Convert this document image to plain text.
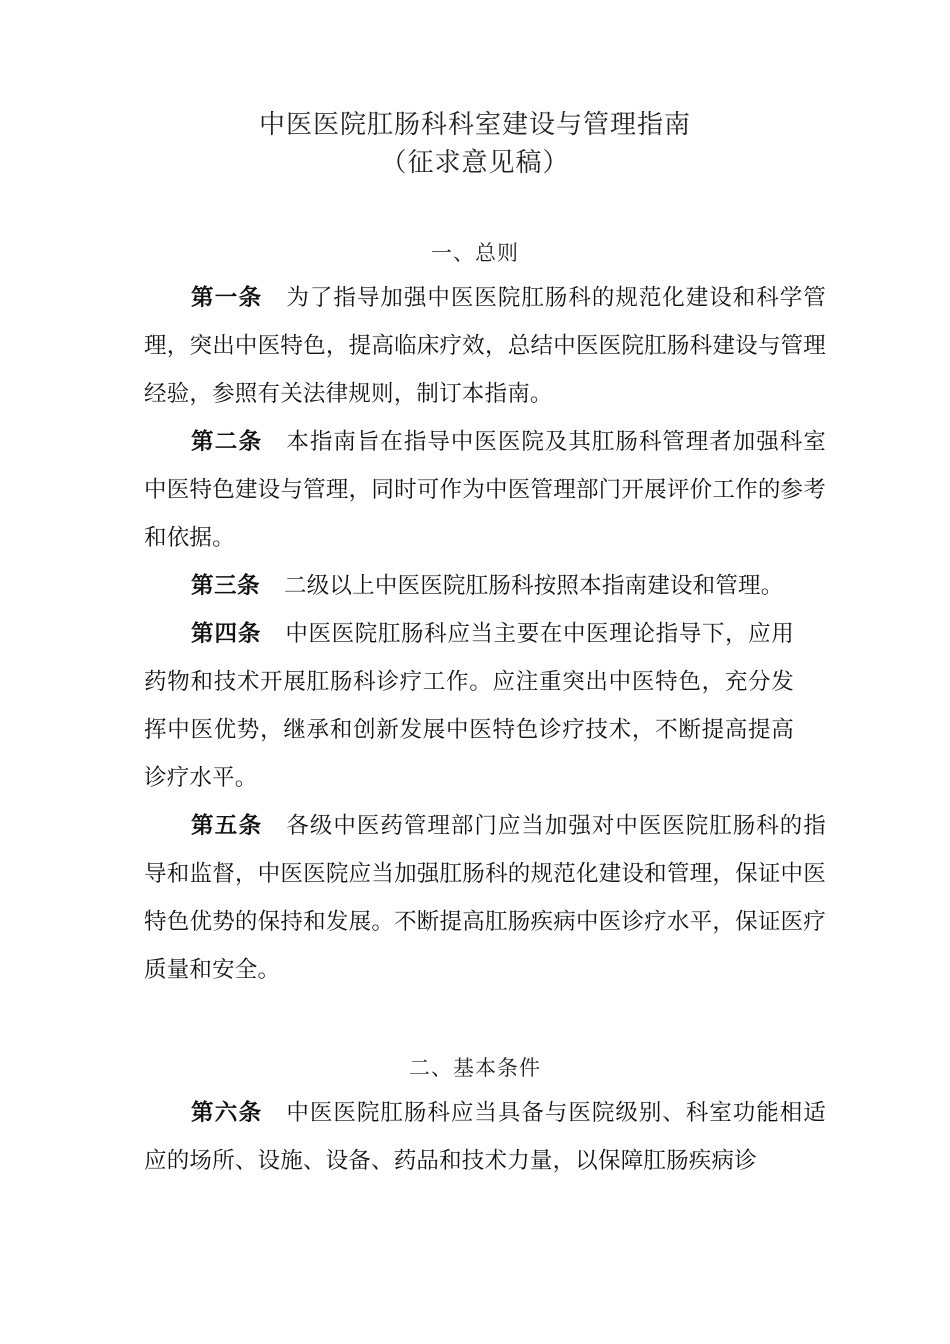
中医医院肛肠科科室建设与管理指南
（征求意见稿）
一、总则

第一条 为了指导加强中医医院肛肠科的规范化建设和科学管理，突出中医特色，提高临床疗效，总结中医医院肛肠科建设与管理经验，参照有关法律规则，制订本指南。

第二条 本指南旨在指导中医医院及其肛肠科管理者加强科室中医特色建设与管理，同时可作为中医管理部门开展评价工作的参考和依据。

第三条 二级以上中医医院肛肠科按照本指南建设和管理。

第四条 中医医院肛肠科应当主要在中医理论指导下，应用药物和技术开展肛肠科诊疗工作。应注重突出中医特色，充分发挥中医优势，继承和创新发展中医特色诊疗技术，不断提高提高诊疗水平。

第五条 各级中医药管理部门应当加强对中医医院肛肠科的指导和监督，中医医院应当加强肛肠科的规范化建设和管理，保证中医特色优势的保持和发展。不断提高肛肠疾病中医诊疗水平，保证医疗质量和安全。

二、基本条件

第六条 中医医院肛肠科应当具备与医院级别、科室功能相适应的场所、设施、设备、药品和技术力量，以保障肛肠疾病诊
